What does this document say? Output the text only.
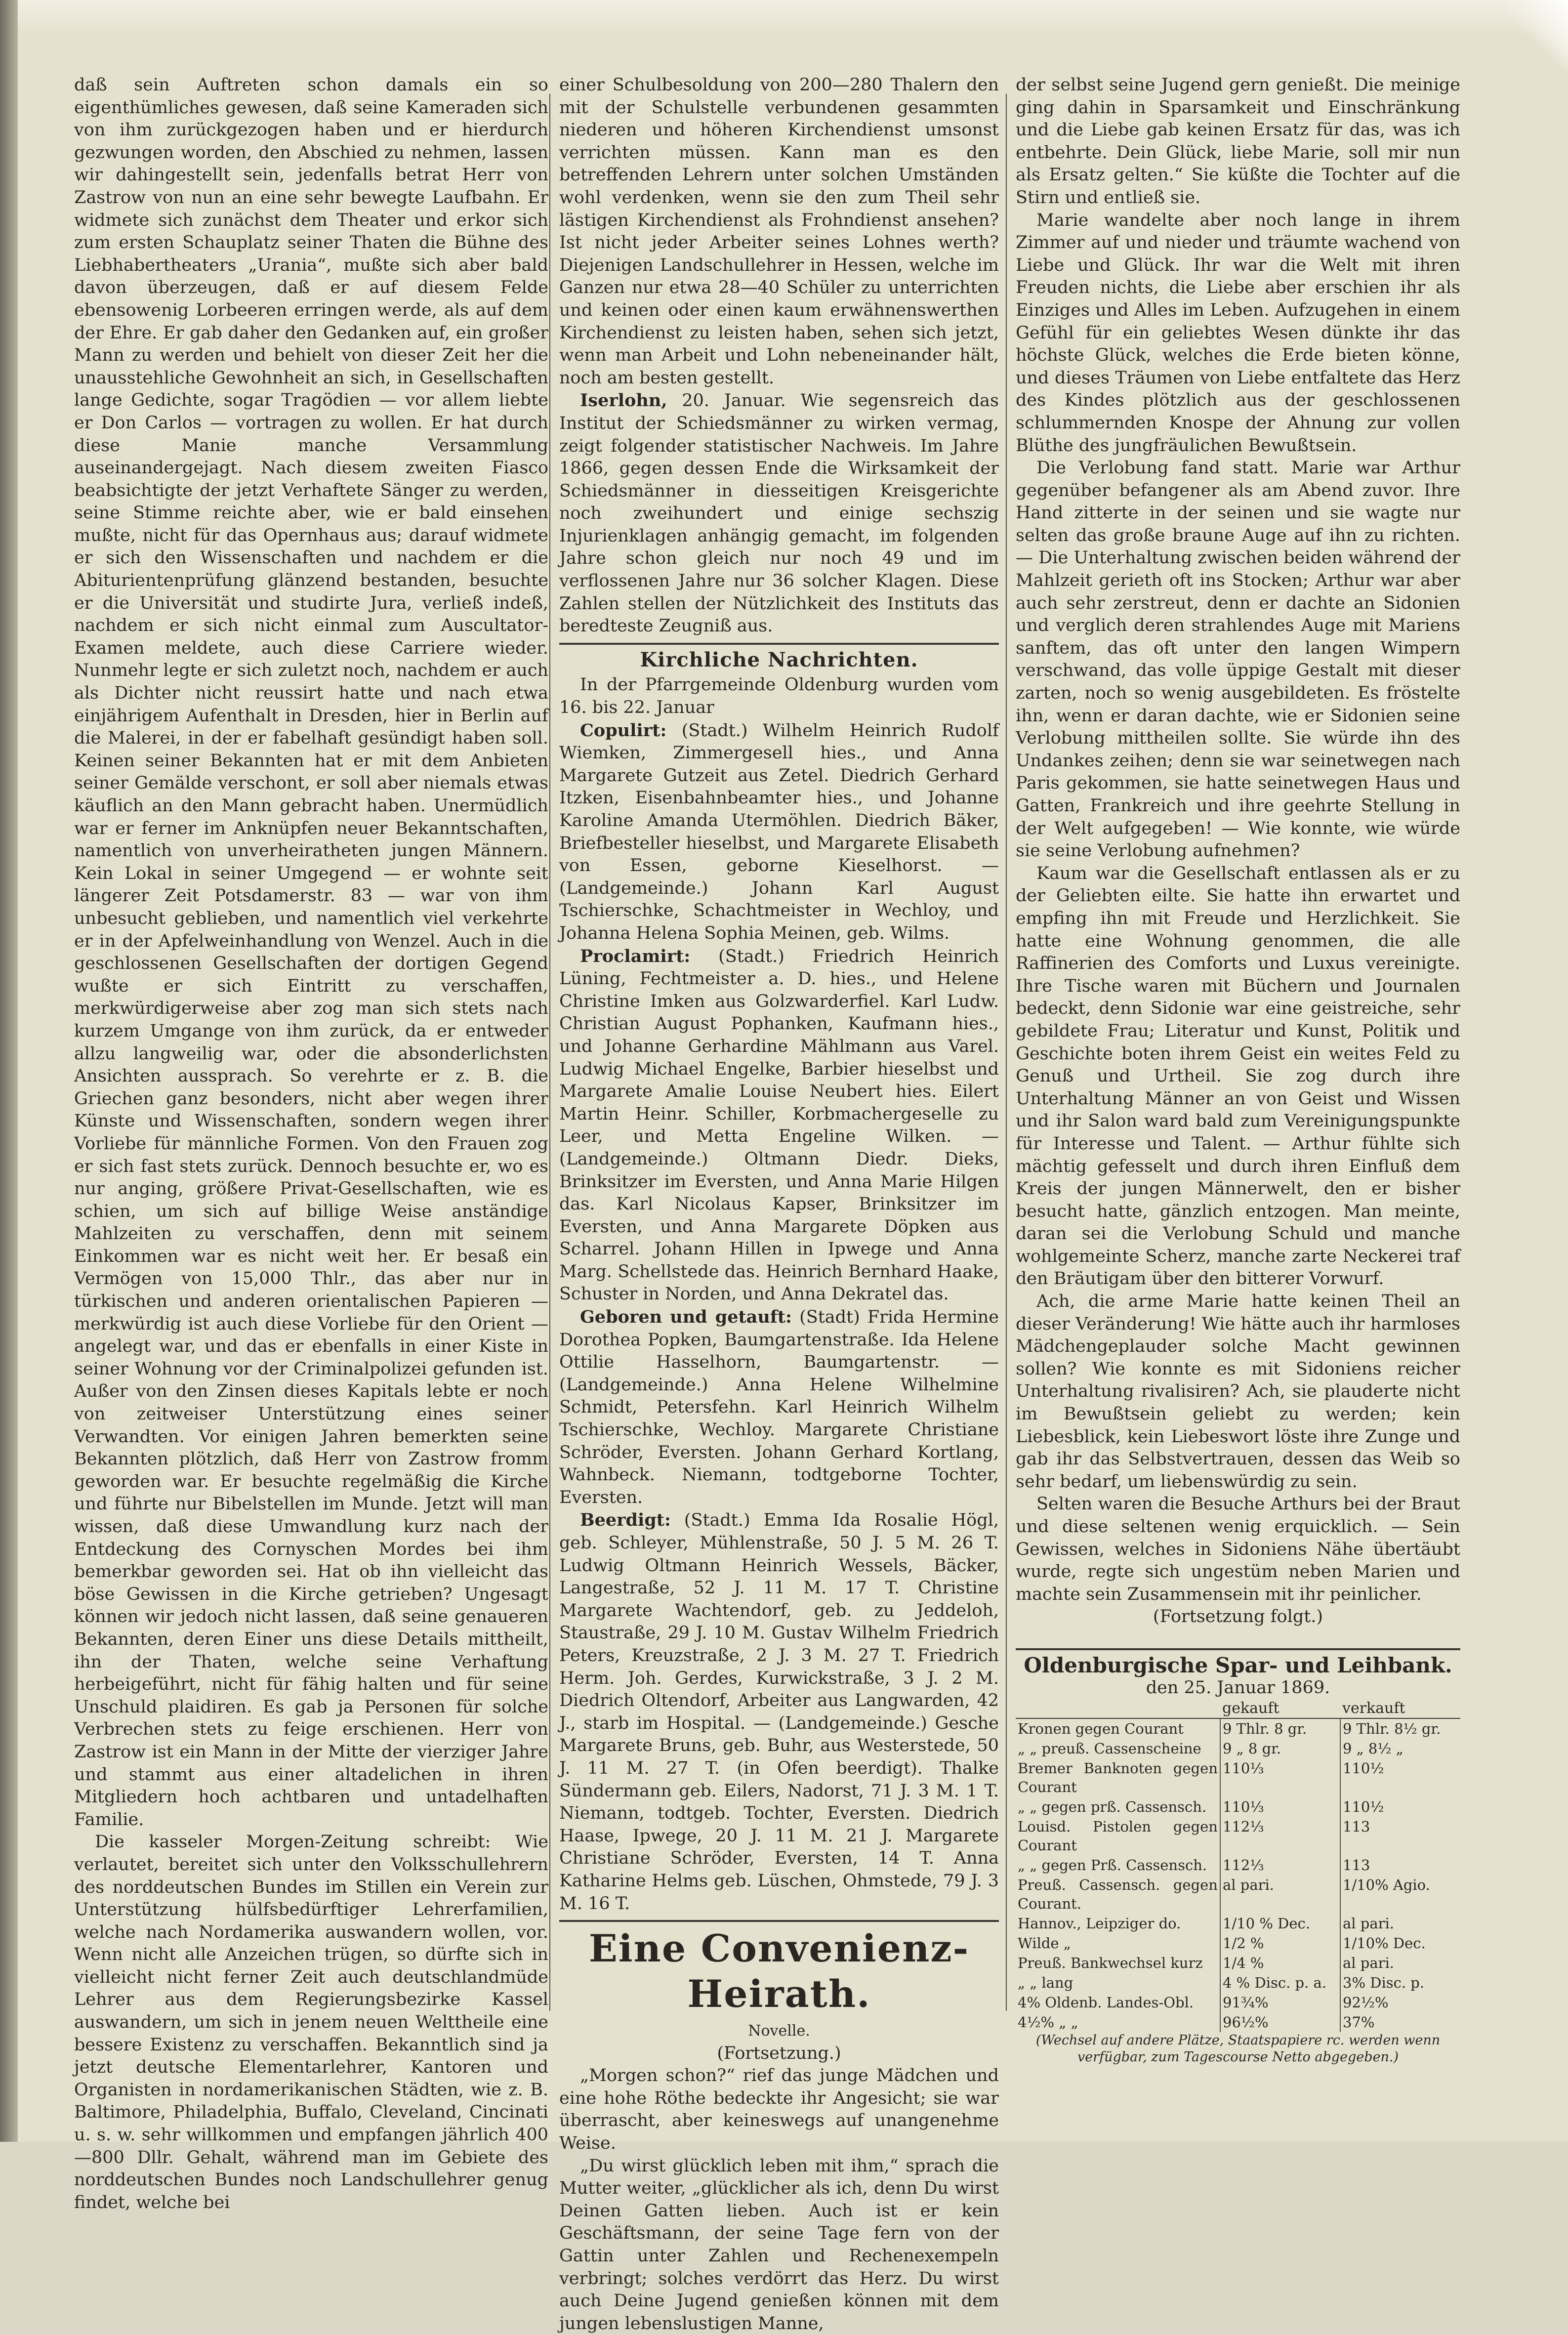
daß sein Auftreten schon damals ein so eigenthümliches gewesen, daß seine Kameraden sich von ihm zurückgezogen haben und er hierdurch gezwungen worden, den Abschied zu nehmen, lassen wir dahingestellt sein, jedenfalls betrat Herr von Zastrow von nun an eine sehr bewegte Laufbahn. Er widmete sich zunächst dem Theater und erkor sich zum ersten Schauplatz seiner Thaten die Bühne des Liebhabertheaters „Urania“, mußte sich aber bald davon überzeugen, daß er auf diesem Felde ebensowenig Lorbeeren erringen werde, als auf dem der Ehre. Er gab daher den Gedanken auf, ein großer Mann zu werden und behielt von dieser Zeit her die unausstehliche Gewohnheit an sich, in Gesellschaften lange Gedichte, sogar Tragödien — vor allem liebte er Don Carlos — vortragen zu wollen. Er hat durch diese Manie manche Versammlung auseinandergejagt. Nach diesem zweiten Fiasco beabsichtigte der jetzt Verhaftete Sänger zu werden, seine Stimme reichte aber, wie er bald einsehen mußte, nicht für das Opernhaus aus; darauf widmete er sich den Wissenschaften und nachdem er die Abiturientenprüfung glänzend bestanden, besuchte er die Universität und studirte Jura, verließ indeß, nachdem er sich nicht einmal zum Auscultator-Examen meldete, auch diese Carriere wieder. Nunmehr legte er sich zuletzt noch, nachdem er auch als Dichter nicht reussirt hatte und nach etwa einjährigem Aufenthalt in Dresden, hier in Berlin auf die Malerei, in der er fabelhaft gesündigt haben soll. Keinen seiner Bekannten hat er mit dem Anbieten seiner Gemälde verschont, er soll aber niemals etwas käuflich an den Mann gebracht haben. Unermüdlich war er ferner im Anknüpfen neuer Bekanntschaften, namentlich von unverheiratheten jungen Männern. Kein Lokal in seiner Umgegend — er wohnte seit längerer Zeit Potsdamerstr. 83 — war von ihm unbesucht geblieben, und namentlich viel verkehrte er in der Apfelweinhandlung von Wenzel. Auch in die geschlossenen Gesellschaften der dortigen Gegend wußte er sich Eintritt zu verschaffen, merkwürdigerweise aber zog man sich stets nach kurzem Umgange von ihm zurück, da er entweder allzu langweilig war, oder die absonderlichsten Ansichten aussprach. So verehrte er z. B. die Griechen ganz besonders, nicht aber wegen ihrer Künste und Wissenschaften, sondern wegen ihrer Vorliebe für männliche Formen. Von den Frauen zog er sich fast stets zurück. Dennoch besuchte er, wo es nur anging, größere Privat-Gesellschaften, wie es schien, um sich auf billige Weise anständige Mahlzeiten zu verschaffen, denn mit seinem Einkommen war es nicht weit her. Er besaß ein Vermögen von 15,000 Thlr., das aber nur in türkischen und anderen orientalischen Papieren — merkwürdig ist auch diese Vorliebe für den Orient — angelegt war, und das er ebenfalls in einer Kiste in seiner Wohnung vor der Criminalpolizei gefunden ist. Außer von den Zinsen dieses Kapitals lebte er noch von zeitweiser Unterstützung eines seiner Verwandten. Vor einigen Jahren bemerkten seine Bekannten plötzlich, daß Herr von Zastrow fromm geworden war. Er besuchte regelmäßig die Kirche und führte nur Bibelstellen im Munde. Jetzt will man wissen, daß diese Umwandlung kurz nach der Entdeckung des Cornyschen Mordes bei ihm bemerkbar geworden sei. Hat ob ihn vielleicht das böse Gewissen in die Kirche getrieben? Ungesagt können wir jedoch nicht lassen, daß seine genaueren Bekannten, deren Einer uns diese Details mittheilt, ihn der Thaten, welche seine Verhaftung herbeigeführt, nicht für fähig halten und für seine Unschuld plaidiren. Es gab ja Personen für solche Verbrechen stets zu feige erschienen. Herr von Zastrow ist ein Mann in der Mitte der vierziger Jahre und stammt aus einer altadelichen in ihren Mitgliedern hoch achtbaren und untadelhaften Familie.

Die kasseler Morgen-Zeitung schreibt: Wie verlautet, bereitet sich unter den Volksschullehrern des norddeutschen Bundes im Stillen ein Verein zur Unterstützung hülfsbedürftiger Lehrerfamilien, welche nach Nordamerika auswandern wollen, vor. Wenn nicht alle Anzeichen trügen, so dürfte sich in vielleicht nicht ferner Zeit auch deutschlandmüde Lehrer aus dem Regierungsbezirke Kassel auswandern, um sich in jenem neuen Welttheile eine bessere Existenz zu verschaffen. Bekanntlich sind ja jetzt deutsche Elementarlehrer, Kantoren und Organisten in nordamerikanischen Städten, wie z. B. Baltimore, Philadelphia, Buffalo, Cleveland, Cincinati u. s. w. sehr willkommen und empfangen jährlich 400—800 Dllr. Gehalt, während man im Gebiete des norddeutschen Bundes noch Landschullehrer genug findet, welche bei

einer Schulbesoldung von 200—280 Thalern den mit der Schulstelle verbundenen gesammten niederen und höheren Kirchendienst umsonst verrichten müssen. Kann man es den betreffenden Lehrern unter solchen Umständen wohl verdenken, wenn sie den zum Theil sehr lästigen Kirchendienst als Frohndienst ansehen? Ist nicht jeder Arbeiter seines Lohnes werth? Diejenigen Landschullehrer in Hessen, welche im Ganzen nur etwa 28—40 Schüler zu unterrichten und keinen oder einen kaum erwähnenswerthen Kirchendienst zu leisten haben, sehen sich jetzt, wenn man Arbeit und Lohn nebeneinander hält, noch am besten gestellt.

Iserlohn, 20. Januar. Wie segensreich das Institut der Schiedsmänner zu wirken vermag, zeigt folgender statistischer Nachweis. Im Jahre 1866, gegen dessen Ende die Wirksamkeit der Schiedsmänner in diesseitigen Kreisgerichte noch zweihundert und einige sechszig Injurienklagen anhängig gemacht, im folgenden Jahre schon gleich nur noch 49 und im verflossenen Jahre nur 36 solcher Klagen. Diese Zahlen stellen der Nützlichkeit des Instituts das beredteste Zeugniß aus.

Kirchliche Nachrichten.

In der Pfarrgemeinde Oldenburg wurden vom 16. bis 22. Januar

Copulirt: (Stadt.) Wilhelm Heinrich Rudolf Wiemken, Zimmergesell hies., und Anna Margarete Gutzeit aus Zetel. Diedrich Gerhard Itzken, Eisenbahnbeamter hies., und Johanne Karoline Amanda Utermöhlen. Diedrich Bäker, Briefbesteller hieselbst, und Margarete Elisabeth von Essen, geborne Kieselhorst. — (Landgemeinde.) Johann Karl August Tschierschke, Schachtmeister in Wechloy, und Johanna Helena Sophia Meinen, geb. Wilms.

Proclamirt: (Stadt.) Friedrich Heinrich Lüning, Fechtmeister a. D. hies., und Helene Christine Imken aus Golzwarderfiel. Karl Ludw. Christian August Pophanken, Kaufmann hies., und Johanne Gerhardine Mählmann aus Varel. Ludwig Michael Engelke, Barbier hieselbst und Margarete Amalie Louise Neubert hies. Eilert Martin Heinr. Schiller, Korbmachergeselle zu Leer, und Metta Engeline Wilken. — (Landgemeinde.) Oltmann Diedr. Dieks, Brinksitzer im Eversten, und Anna Marie Hilgen das. Karl Nicolaus Kapser, Brinksitzer im Eversten, und Anna Margarete Döpken aus Scharrel. Johann Hillen in Ipwege und Anna Marg. Schellstede das. Heinrich Bernhard Haake, Schuster in Norden, und Anna Dekratel das.

Geboren und getauft: (Stadt) Frida Hermine Dorothea Popken, Baumgartenstraße. Ida Helene Ottilie Hasselhorn, Baumgartenstr. — (Landgemeinde.) Anna Helene Wilhelmine Schmidt, Petersfehn. Karl Heinrich Wilhelm Tschierschke, Wechloy. Margarete Christiane Schröder, Eversten. Johann Gerhard Kortlang, Wahnbeck. Niemann, todtgeborne Tochter, Eversten.

Beerdigt: (Stadt.) Emma Ida Rosalie Högl, geb. Schleyer, Mühlenstraße, 50 J. 5 M. 26 T. Ludwig Oltmann Heinrich Wessels, Bäcker, Langestraße, 52 J. 11 M. 17 T. Christine Margarete Wachtendorf, geb. zu Jeddeloh, Staustraße, 29 J. 10 M. Gustav Wilhelm Friedrich Peters, Kreuzstraße, 2 J. 3 M. 27 T. Friedrich Herm. Joh. Gerdes, Kurwickstraße, 3 J. 2 M. Diedrich Oltendorf, Arbeiter aus Langwarden, 42 J., starb im Hospital. — (Landgemeinde.) Gesche Margarete Bruns, geb. Buhr, aus Westerstede, 50 J. 11 M. 27 T. (in Ofen beerdigt). Thalke Sündermann geb. Eilers, Nadorst, 71 J. 3 M. 1 T. Niemann, todtgeb. Tochter, Eversten. Diedrich Haase, Ipwege, 20 J. 11 M. 21 J. Margarete Christiane Schröder, Eversten, 14 T. Anna Katharine Helms geb. Lüschen, Ohmstede, 79 J. 3 M. 16 T.

Eine Convenienz-Heirath.

Novelle.

(Fortsetzung.)

„Morgen schon?“ rief das junge Mädchen und eine hohe Röthe bedeckte ihr Angesicht; sie war überrascht, aber keineswegs auf unangenehme Weise.

„Du wirst glücklich leben mit ihm,“ sprach die Mutter weiter, „glücklicher als ich, denn Du wirst Deinen Gatten lieben. Auch ist er kein Geschäftsmann, der seine Tage fern von der Gattin unter Zahlen und Rechenexempeln verbringt; solches verdörrt das Herz. Du wirst auch Deine Jugend genießen können mit dem jungen lebenslustigen Manne,

der selbst seine Jugend gern genießt. Die meinige ging dahin in Sparsamkeit und Einschränkung und die Liebe gab keinen Ersatz für das, was ich entbehrte. Dein Glück, liebe Marie, soll mir nun als Ersatz gelten.“ Sie küßte die Tochter auf die Stirn und entließ sie.

Marie wandelte aber noch lange in ihrem Zimmer auf und nieder und träumte wachend von Liebe und Glück. Ihr war die Welt mit ihren Freuden nichts, die Liebe aber erschien ihr als Einziges und Alles im Leben. Aufzugehen in einem Gefühl für ein geliebtes Wesen dünkte ihr das höchste Glück, welches die Erde bieten könne, und dieses Träumen von Liebe entfaltete das Herz des Kindes plötzlich aus der geschlossenen schlummernden Knospe der Ahnung zur vollen Blüthe des jungfräulichen Bewußtsein.

Die Verlobung fand statt. Marie war Arthur gegenüber befangener als am Abend zuvor. Ihre Hand zitterte in der seinen und sie wagte nur selten das große braune Auge auf ihn zu richten. — Die Unterhaltung zwischen beiden während der Mahlzeit gerieth oft ins Stocken; Arthur war aber auch sehr zerstreut, denn er dachte an Sidonien und verglich deren strahlendes Auge mit Mariens sanftem, das oft unter den langen Wimpern verschwand, das volle üppige Gestalt mit dieser zarten, noch so wenig ausgebildeten. Es fröstelte ihn, wenn er daran dachte, wie er Sidonien seine Verlobung mittheilen sollte. Sie würde ihn des Undankes zeihen; denn sie war seinetwegen nach Paris gekommen, sie hatte seinetwegen Haus und Gatten, Frankreich und ihre geehrte Stellung in der Welt aufgegeben! — Wie konnte, wie würde sie seine Verlobung aufnehmen?

Kaum war die Gesellschaft entlassen als er zu der Geliebten eilte. Sie hatte ihn erwartet und empfing ihn mit Freude und Herzlichkeit. Sie hatte eine Wohnung genommen, die alle Raffinerien des Comforts und Luxus vereinigte. Ihre Tische waren mit Büchern und Journalen bedeckt, denn Sidonie war eine geistreiche, sehr gebildete Frau; Literatur und Kunst, Politik und Geschichte boten ihrem Geist ein weites Feld zu Genuß und Urtheil. Sie zog durch ihre Unterhaltung Männer an von Geist und Wissen und ihr Salon ward bald zum Vereinigungspunkte für Interesse und Talent. — Arthur fühlte sich mächtig gefesselt und durch ihren Einfluß dem Kreis der jungen Männerwelt, den er bisher besucht hatte, gänzlich entzogen. Man meinte, daran sei die Verlobung Schuld und manche wohlgemeinte Scherz, manche zarte Neckerei traf den Bräutigam über den bitterer Vorwurf.

Ach, die arme Marie hatte keinen Theil an dieser Veränderung! Wie hätte auch ihr harmloses Mädchengeplauder solche Macht gewinnen sollen? Wie konnte es mit Sidoniens reicher Unterhaltung rivalisiren? Ach, sie plauderte nicht im Bewußtsein geliebt zu werden; kein Liebesblick, kein Liebeswort löste ihre Zunge und gab ihr das Selbstvertrauen, dessen das Weib so sehr bedarf, um liebenswürdig zu sein.

Selten waren die Besuche Arthurs bei der Braut und diese seltenen wenig erquicklich. — Sein Gewissen, welches in Sidoniens Nähe übertäubt wurde, regte sich ungestüm neben Marien und machte sein Zusammensein mit ihr peinlicher.

(Fortsetzung folgt.)

Oldenburgische Spar- und Leihbank.

den 25. Januar 1869.

	gekauft	verkauft
Kronen gegen Courant	9 Thlr. 8 gr.	9 Thlr. 8½ gr.
„ „ preuß. Cassenscheine	9 „ 8 gr.	9 „ 8½ „
Bremer Banknoten gegen Courant	110⅓	110½
„ „ gegen prß. Cassensch.	110⅓	110½
Louisd. Pistolen gegen Courant	112⅓	113
„ „ gegen Prß. Cassensch.	112⅓	113
Preuß. Cassensch. gegen Courant.	al pari.	1/10% Agio.
Hannov., Leipziger do.	1/10 % Dec.	al pari.
Wilde „	1/2 %	1/10% Dec.
Preuß. Bankwechsel kurz	1/4 %	al pari.
„ „ lang	4 % Disc. p. a.	3% Disc. p.
4% Oldenb. Landes-Obl.	91¾%	92½%
4½% „ „	96½%	37%

(Wechsel auf andere Plätze, Staatspapiere rc. werden wenn verfügbar, zum Tagescourse Netto abgegeben.)
